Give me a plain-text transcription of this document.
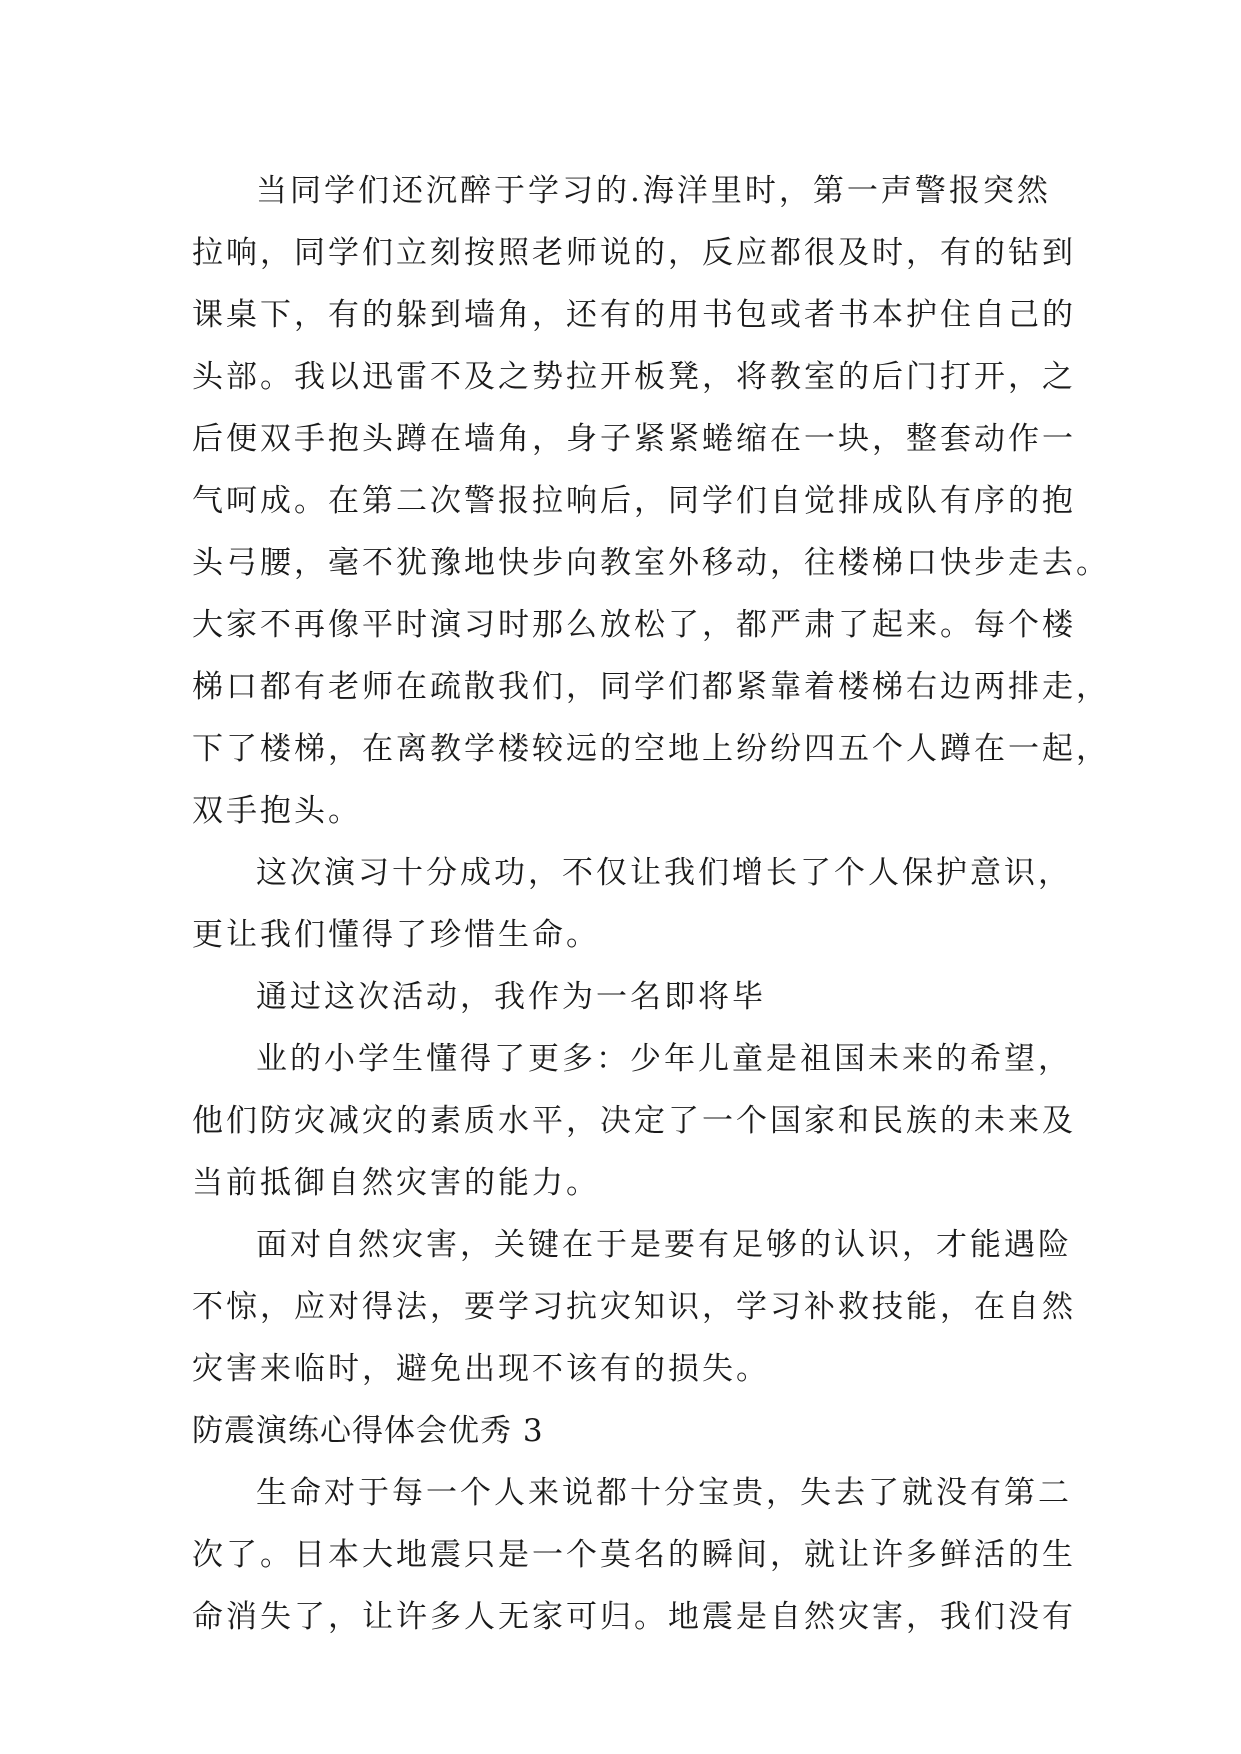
当同学们还沉醉于学习的.海洋里时，第一声警报突然
拉响，同学们立刻按照老师说的，反应都很及时，有的钻到
课桌下，有的躲到墙角，还有的用书包或者书本护住自己的
头部。我以迅雷不及之势拉开板凳，将教室的后门打开，之
后便双手抱头蹲在墙角，身子紧紧蜷缩在一块，整套动作一
气呵成。在第二次警报拉响后，同学们自觉排成队有序的抱
头弓腰，毫不犹豫地快步向教室外移动，往楼梯口快步走去。
大家不再像平时演习时那么放松了，都严肃了起来。每个楼
梯口都有老师在疏散我们，同学们都紧靠着楼梯右边两排走，
下了楼梯，在离教学楼较远的空地上纷纷四五个人蹲在一起，
双手抱头。
这次演习十分成功，不仅让我们增长了个人保护意识，
更让我们懂得了珍惜生命。
通过这次活动，我作为一名即将毕
业的小学生懂得了更多：少年儿童是祖国未来的希望，
他们防灾减灾的素质水平，决定了一个国家和民族的未来及
当前抵御自然灾害的能力。
面对自然灾害，关键在于是要有足够的认识，才能遇险
不惊，应对得法，要学习抗灾知识，学习补救技能，在自然
灾害来临时，避免出现不该有的损失。
防震演练心得体会优秀 3
生命对于每一个人来说都十分宝贵，失去了就没有第二
次了。日本大地震只是一个莫名的瞬间，就让许多鲜活的生
命消失了，让许多人无家可归。地震是自然灾害，我们没有
